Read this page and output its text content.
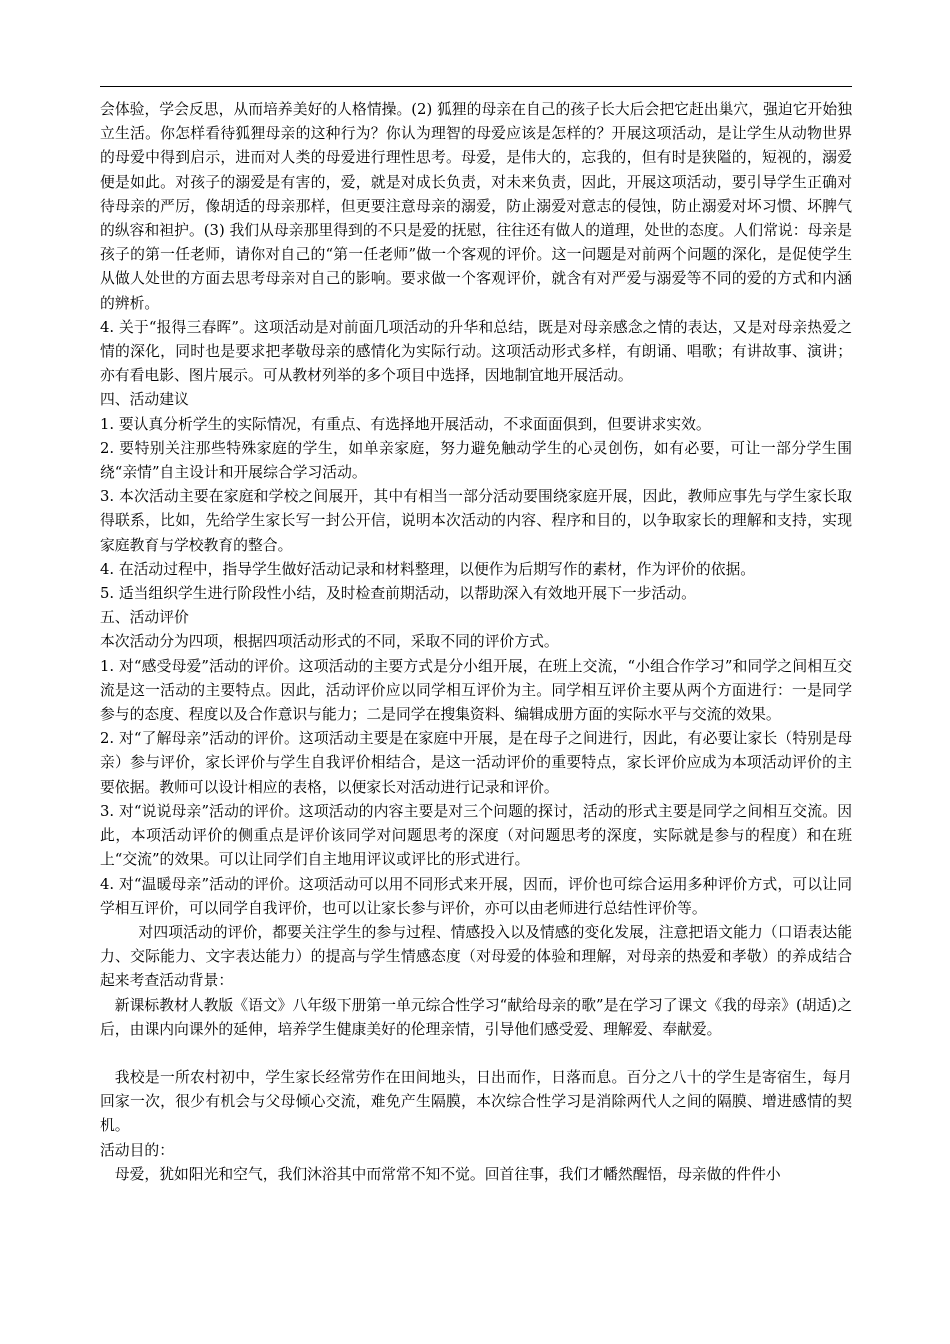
会体验，学会反思，从而培养美好的人格情操。(2) 狐狸的母亲在自己的孩子长大后会把它赶出巢穴，强迫它开始独立生活。你怎样看待狐狸母亲的这种行为？你认为理智的母爱应该是怎样的？开展这项活动，是让学生从动物世界的母爱中得到启示，进而对人类的母爱进行理性思考。母爱，是伟大的，忘我的，但有时是狭隘的，短视的，溺爱便是如此。对孩子的溺爱是有害的，爱，就是对成长负责，对未来负责，因此，开展这项活动，要引导学生正确对待母亲的严厉，像胡适的母亲那样，但更要注意母亲的溺爱，防止溺爱对意志的侵蚀，防止溺爱对坏习惯、坏脾气的纵容和袒护。(3) 我们从母亲那里得到的不只是爱的抚慰，往往还有做人的道理，处世的态度。人们常说：母亲是孩子的第一任老师，请你对自己的“第一任老师”做一个客观的评价。这一问题是对前两个问题的深化，是促使学生从做人处世的方面去思考母亲对自己的影响。要求做一个客观评价，就含有对严爱与溺爱等不同的爱的方式和内涵的辨析。

4. 关于“报得三春晖”。这项活动是对前面几项活动的升华和总结，既是对母亲感念之情的表达，又是对母亲热爱之情的深化，同时也是要求把孝敬母亲的感情化为实际行动。这项活动形式多样，有朗诵、唱歌；有讲故事、演讲；亦有看电影、图片展示。可从教材列举的多个项目中选择，因地制宜地开展活动。

四、活动建议

1. 要认真分析学生的实际情况，有重点、有选择地开展活动，不求面面俱到，但要讲求实效。

2. 要特别关注那些特殊家庭的学生，如单亲家庭，努力避免触动学生的心灵创伤，如有必要，可让一部分学生围绕“亲情”自主设计和开展综合学习活动。

3. 本次活动主要在家庭和学校之间展开，其中有相当一部分活动要围绕家庭开展，因此，教师应事先与学生家长取得联系，比如，先给学生家长写一封公开信，说明本次活动的内容、程序和目的，以争取家长的理解和支持，实现家庭教育与学校教育的整合。

4. 在活动过程中，指导学生做好活动记录和材料整理，以便作为后期写作的素材，作为评价的依据。

5. 适当组织学生进行阶段性小结，及时检查前期活动，以帮助深入有效地开展下一步活动。

五、活动评价

本次活动分为四项，根据四项活动形式的不同，采取不同的评价方式。

1. 对“感受母爱”活动的评价。这项活动的主要方式是分小组开展，在班上交流，“小组合作学习”和同学之间相互交流是这一活动的主要特点。因此，活动评价应以同学相互评价为主。同学相互评价主要从两个方面进行：一是同学参与的态度、程度以及合作意识与能力；二是同学在搜集资料、编辑成册方面的实际水平与交流的效果。

2. 对“了解母亲”活动的评价。这项活动主要是在家庭中开展，是在母子之间进行，因此，有必要让家长（特别是母亲）参与评价，家长评价与学生自我评价相结合，是这一活动评价的重要特点，家长评价应成为本项活动评价的主要依据。教师可以设计相应的表格，以便家长对活动进行记录和评价。

3. 对“说说母亲”活动的评价。这项活动的内容主要是对三个问题的探讨，活动的形式主要是同学之间相互交流。因此，本项活动评价的侧重点是评价该同学对问题思考的深度（对问题思考的深度，实际就是参与的程度）和在班上“交流”的效果。可以让同学们自主地用评议或评比的形式进行。

4. 对“温暖母亲”活动的评价。这项活动可以用不同形式来开展，因而，评价也可综合运用多种评价方式，可以让同学相互评价，可以同学自我评价，也可以让家长参与评价，亦可以由老师进行总结性评价等。

对四项活动的评价，都要关注学生的参与过程、情感投入以及情感的变化发展，注意把语文能力（口语表达能力、交际能力、文字表达能力）的提高与学生情感态度（对母爱的体验和理解，对母亲的热爱和孝敬）的养成结合起来考查活动背景：

新课标教材人教版《语文》八年级下册第一单元综合性学习“献给母亲的歌”是在学习了课文《我的母亲》(胡适)之后，由课内向课外的延伸，培养学生健康美好的伦理亲情，引导他们感受爱、理解爱、奉献爱。

我校是一所农村初中，学生家长经常劳作在田间地头，日出而作，日落而息。百分之八十的学生是寄宿生，每月回家一次，很少有机会与父母倾心交流，难免产生隔膜，本次综合性学习是消除两代人之间的隔膜、增进感情的契机。

活动目的：

母爱，犹如阳光和空气，我们沐浴其中而常常不知不觉。回首往事，我们才幡然醒悟，母亲做的件件小
